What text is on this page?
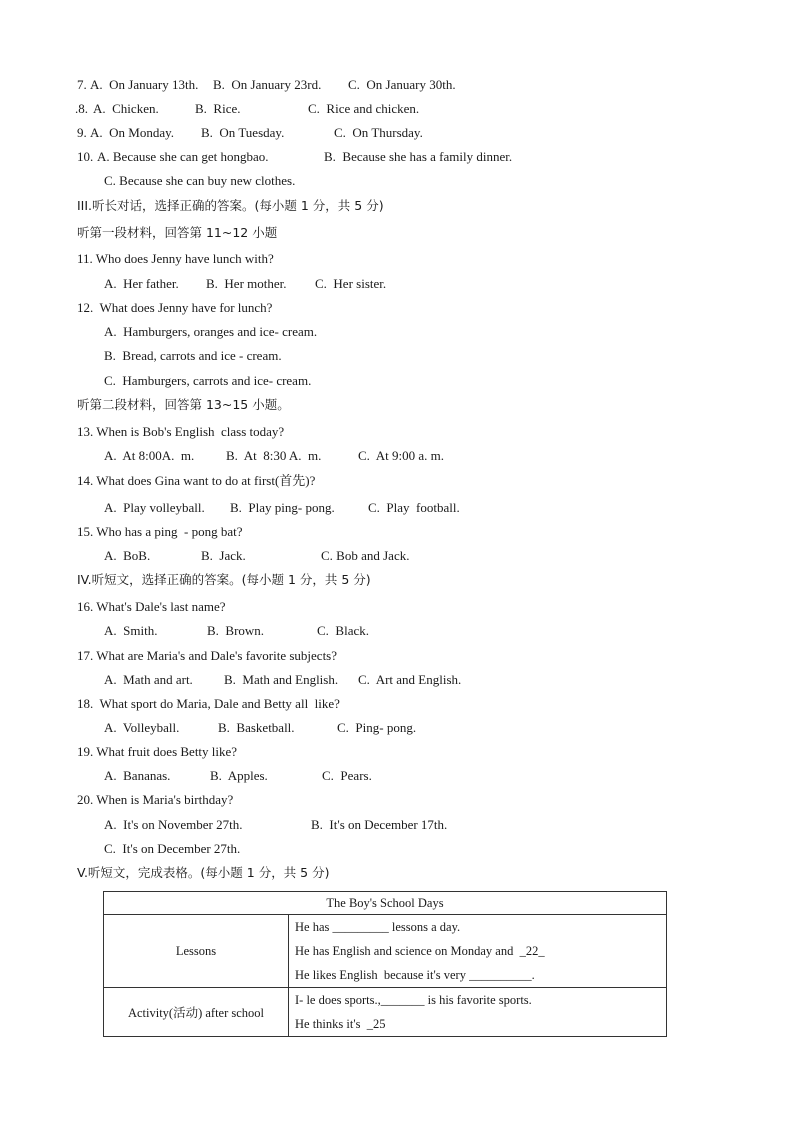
7. A.  On January 13th. B.  On January 23rd. C.  On January 30th.
.8. A.  Chicken.	B.  Rice.	C.  Rice and chicken.
9. A.  On Monday. B.  On Tuesday.	C.  On Thursday.
10. A. Because she can get hongbao.	B.  Because she has a family dinner.
C. Because she can buy new clothes.
III.听长对话，选择正确的答案。(每小题 1 分，共 5 分)
听第一段材料，回答第 11~12 小题
11. Who does Jenny have lunch with?
A.  Her father. B.  Her mother. C.  Her sister.
12.  What does Jenny have for lunch?
A.  Hamburgers, oranges and ice- cream.
B.  Bread, carrots and ice - cream.
C.  Hamburgers, carrots and ice- cream.
听第二段材料，回答第 13~15 小题。
13. When is Bob's English  class today?
A.  At 8:00A.  m. B.  At  8:30 A.  m.	C.  At 9:00 a. m.
14. What does Gina want to do at first(首先)?
A.  Play volleyball. B.  Play ping- pong.	C.  Play  football.
15. Who has a ping  - pong bat?
A.  BoB.	B.  Jack.	C. Bob and Jack.
IV.听短文，选择正确的答案。(每小题 1 分，共 5 分)
16. What's Dale's last name?
A.  Smith.	B.  Brown.	C.  Black.
17. What are Maria's and Dale's favorite subjects?
A.  Math and art. B.  Math and English. C.  Art and English.
18.  What sport do Maria, Dale and Betty all  like?
A.  Volleyball.	B.  Basketball.	C.  Ping- pong.
19. What fruit does Betty like?
A.  Bananas.	B.  Apples.	C.  Pears.
20. When is Maria's birthday?
A.  It's on November 27th.	B.  It's on December 17th.
C.  It's on December 27th.
V.听短文，完成表格。(每小题 1 分，共 5 分)
The Boy's School Days	
Lessons	He has _________ lessons a day.
He has English and science on Monday and  _22_
He likes English  because it's very __________.

Activity(活动) after school	I- le does sports.,_______ is his favorite sports.
He thinks it's  _25
